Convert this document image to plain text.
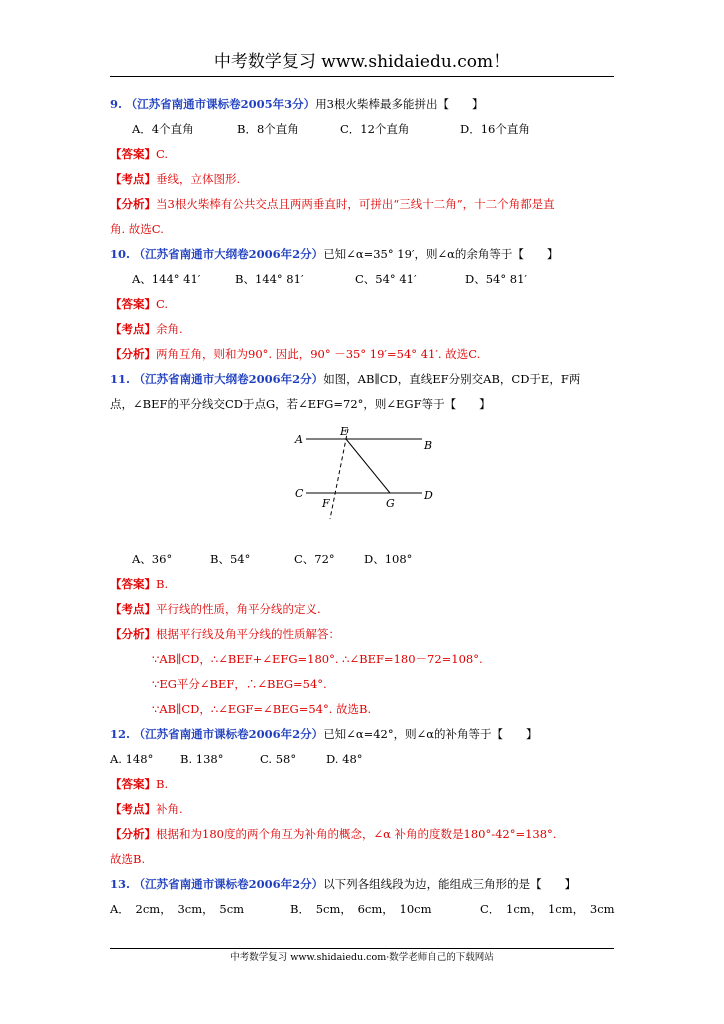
中考数学复习 www.shidaiedu.com！
9. （江苏省南通市课标卷2005年3分）用3根火柴棒最多能拼出【　　】
A．4个直角	B．8个直角	C．12个直角	D．16个直角
【答案】C.
【考点】垂线，立体图形.
【分析】当3根火柴棒有公共交点且两两垂直时，可拼出“三线十二角”，十二个角都是直
角. 故选C.
10. （江苏省南通市大纲卷2006年2分）已知∠α=35° 19′，则∠α的余角等于【　　】
A、144° 41′	B、144° 81′	C、54° 41′	D、54° 81′
【答案】C.
【考点】余角.
【分析】两角互角，则和为90°. 因此，90° －35° 19′=54° 41′. 故选C.
11. （江苏省南通市大纲卷2006年2分）如图，AB∥CD，直线EF分别交AB，CD于E，F两
点，∠BEF的平分线交CD于点G，若∠EFG=72°，则∠EGF等于【　　】
A	B
C	D
E
F	G
A、36°	B、54°	C、72°	D、108°
【答案】B.
【考点】平行线的性质，角平分线的定义.
【分析】根据平行线及角平分线的性质解答：
∵AB∥CD，∴∠BEF+∠EFG=180°. ∴∠BEF=180－72=108°.
∵EG平分∠BEF，∴∠BEG=54°.
∵AB∥CD，∴∠EGF=∠BEG=54°. 故选B.
12. （江苏省南通市课标卷2006年2分）已知∠α=42°，则∠α的补角等于【　　】
A. 148° B. 138°	C. 58°	D. 48°
【答案】B.
【考点】补角.
【分析】根据和为180度的两个角互为补角的概念，∠α 补角的度数是180°-42°=138°.
故选B.
13. （江苏省南通市课标卷2006年2分）以下列各组线段为边，能组成三角形的是【　　】
A．　2cm，　3cm，　5cm	B．　5cm，　6cm，　10cm	C．　1cm，　1cm，　3cm
中考数学复习 www.shidaiedu.com·数学老师自己的下载网站
